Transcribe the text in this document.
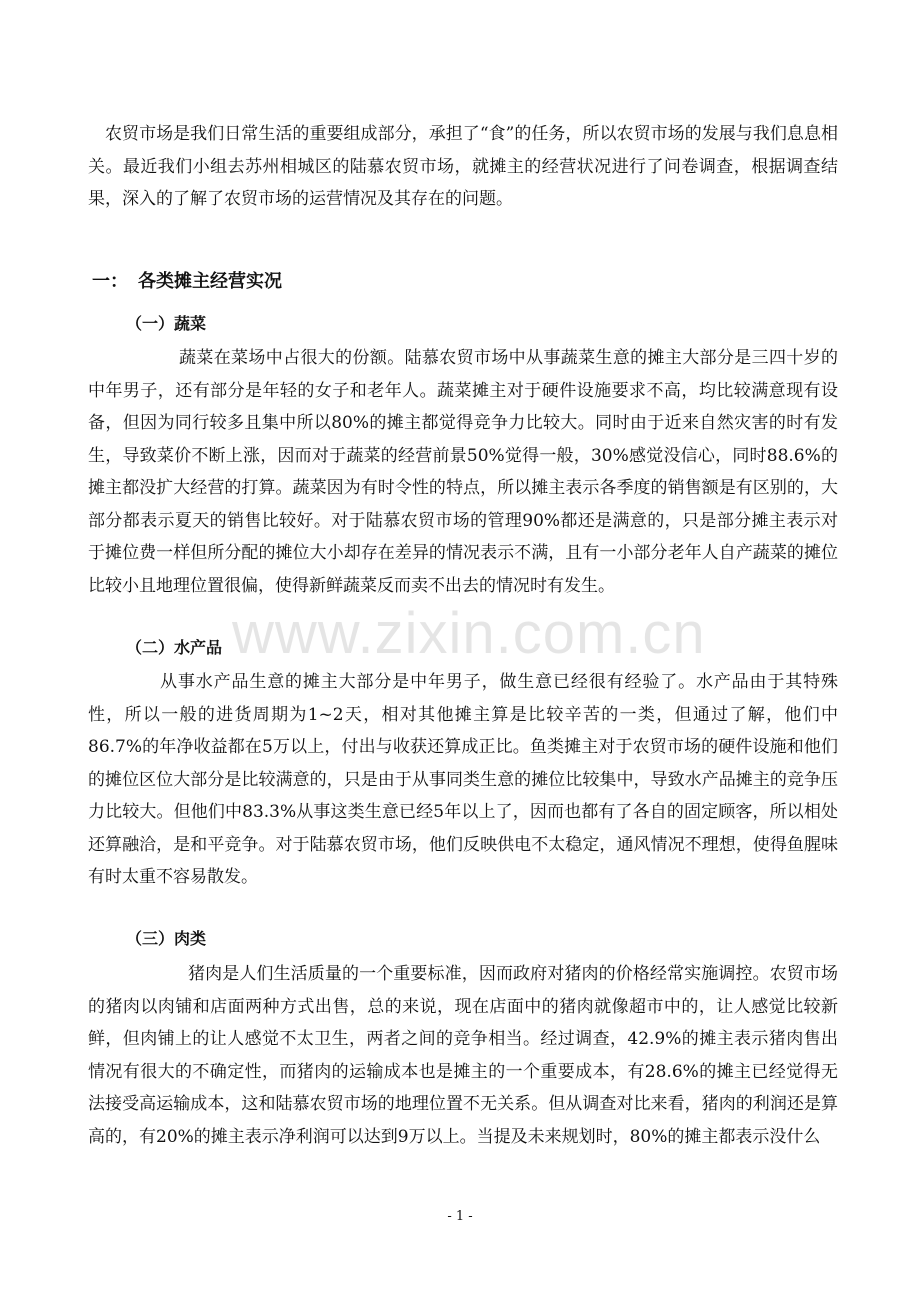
农贸市场是我们日常生活的重要组成部分，承担了“食”的任务，所以农贸市场的发展与我们息息相关。最近我们小组去苏州相城区的陆慕农贸市场，就摊主的经营状况进行了问卷调查，根据调查结果，深入的了解了农贸市场的运营情况及其存在的问题。

一： 各类摊主经营实况
（一）蔬菜

蔬菜在菜场中占很大的份额。陆慕农贸市场中从事蔬菜生意的摊主大部分是三四十岁的中年男子，还有部分是年轻的女子和老年人。蔬菜摊主对于硬件设施要求不高，均比较满意现有设备，但因为同行较多且集中所以80%的摊主都觉得竞争力比较大。同时由于近来自然灾害的时有发生，导致菜价不断上涨，因而对于蔬菜的经营前景50%觉得一般，30%感觉没信心，同时88.6%的摊主都没扩大经营的打算。蔬菜因为有时令性的特点，所以摊主表示各季度的销售额是有区别的，大部分都表示夏天的销售比较好。对于陆慕农贸市场的管理90%都还是满意的，只是部分摊主表示对于摊位费一样但所分配的摊位大小却存在差异的情况表示不满，且有一小部分老年人自产蔬菜的摊位比较小且地理位置很偏，使得新鲜蔬菜反而卖不出去的情况时有发生。

（二）水产品

从事水产品生意的摊主大部分是中年男子，做生意已经很有经验了。水产品由于其特殊性，所以一般的进货周期为1~2天，相对其他摊主算是比较辛苦的一类，但通过了解，他们中86.7%的年净收益都在5万以上，付出与收获还算成正比。鱼类摊主对于农贸市场的硬件设施和他们的摊位区位大部分是比较满意的，只是由于从事同类生意的摊位比较集中，导致水产品摊主的竞争压力比较大。但他们中83.3%从事这类生意已经5年以上了，因而也都有了各自的固定顾客，所以相处还算融洽，是和平竞争。对于陆慕农贸市场，他们反映供电不太稳定，通风情况不理想，使得鱼腥味有时太重不容易散发。

（三）肉类

猪肉是人们生活质量的一个重要标准，因而政府对猪肉的价格经常实施调控。农贸市场的猪肉以肉铺和店面两种方式出售，总的来说，现在店面中的猪肉就像超市中的，让人感觉比较新鲜，但肉铺上的让人感觉不太卫生，两者之间的竞争相当。经过调查，42.9%的摊主表示猪肉售出情况有很大的不确定性，而猪肉的运输成本也是摊主的一个重要成本，有28.6%的摊主已经觉得无法接受高运输成本，这和陆慕农贸市场的地理位置不无关系。但从调查对比来看，猪肉的利润还是算高的，有20%的摊主表示净利润可以达到9万以上。当提及未来规划时，80%的摊主都表示没什么

www.zixin.com.cn
- 1 -
